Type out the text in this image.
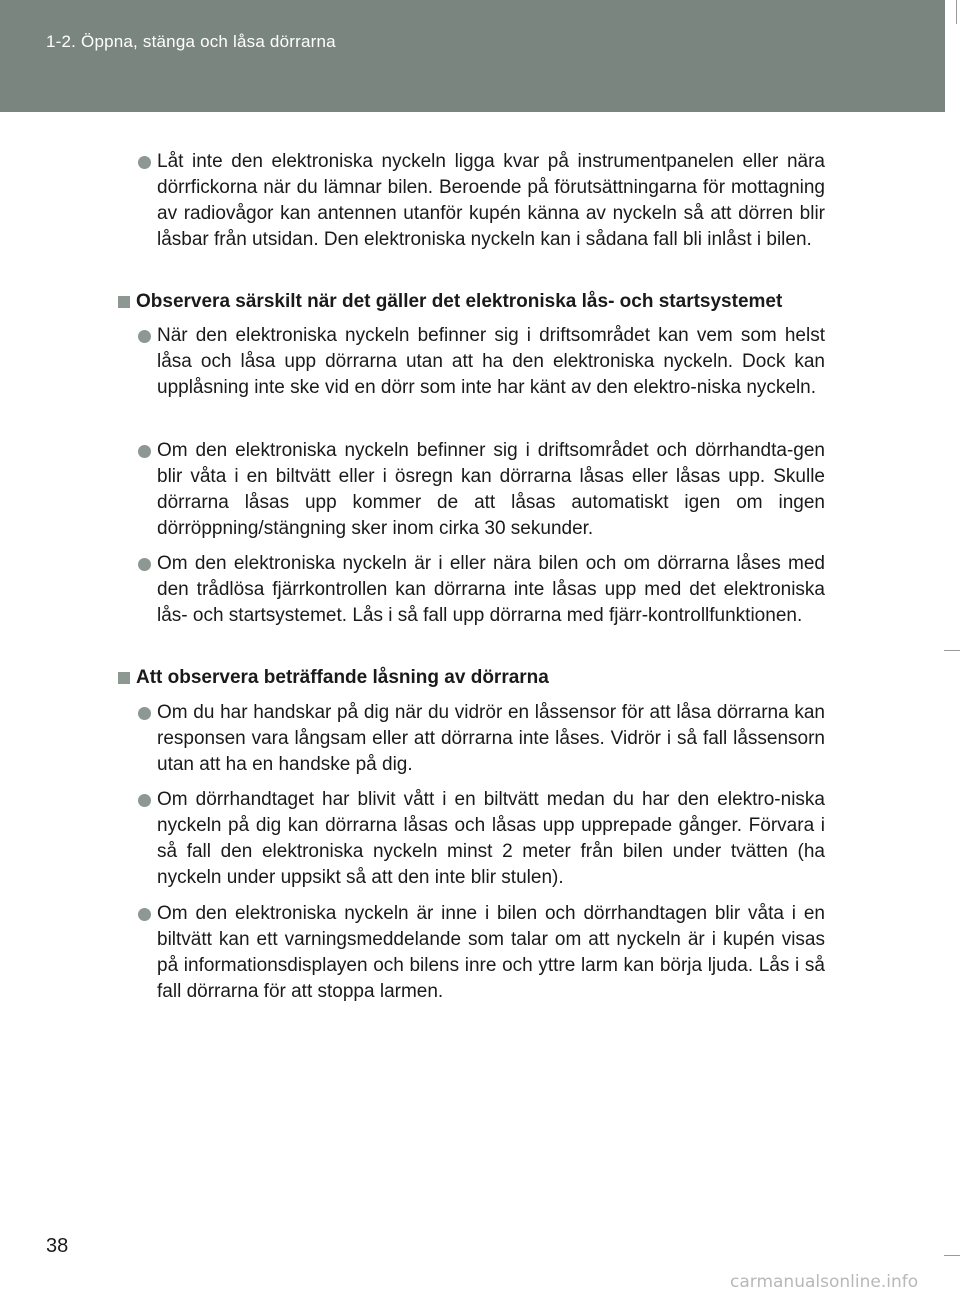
1-2. Öppna, stänga och låsa dörrarna
Låt inte den elektroniska nyckeln ligga kvar på instrumentpanelen eller nära dörrfickorna när du lämnar bilen. Beroende på förutsättningarna för mottagning av radiovågor kan antennen utanför kupén känna av nyckeln så att dörren blir låsbar från utsidan. Den elektroniska nyckeln kan i sådana fall bli inlåst i bilen.
Observera särskilt när det gäller det elektroniska lås- och startsystemet
När den elektroniska nyckeln befinner sig i driftsområdet kan vem som helst låsa och låsa upp dörrarna utan att ha den elektroniska nyckeln. Dock kan upplåsning inte ske vid en dörr som inte har känt av den elektro-niska nyckeln.
Om den elektroniska nyckeln befinner sig i driftsområdet och dörrhandta-gen blir våta i en biltvätt eller i ösregn kan dörrarna låsas eller låsas upp. Skulle dörrarna låsas upp kommer de att låsas automatiskt igen om ingen dörröppning/stängning sker inom cirka 30 sekunder.
Om den elektroniska nyckeln är i eller nära bilen och om dörrarna låses med den trådlösa fjärrkontrollen kan dörrarna inte låsas upp med det elektroniska lås- och startsystemet. Lås i så fall upp dörrarna med fjärr-kontrollfunktionen.
Att observera beträffande låsning av dörrarna
Om du har handskar på dig när du vidrör en låssensor för att låsa dörrarna kan responsen vara långsam eller att dörrarna inte låses. Vidrör i så fall låssensorn utan att ha en handske på dig.
Om dörrhandtaget har blivit vått i en biltvätt medan du har den elektro-niska nyckeln på dig kan dörrarna låsas och låsas upp upprepade gånger. Förvara i så fall den elektroniska nyckeln minst 2 meter från bilen under tvätten (ha nyckeln under uppsikt så att den inte blir stulen).
Om den elektroniska nyckeln är inne i bilen och dörrhandtagen blir våta i en biltvätt kan ett varningsmeddelande som talar om att nyckeln är i kupén visas på informationsdisplayen och bilens inre och yttre larm kan börja ljuda. Lås i så fall dörrarna för att stoppa larmen.
38
carmanualsonline.info
